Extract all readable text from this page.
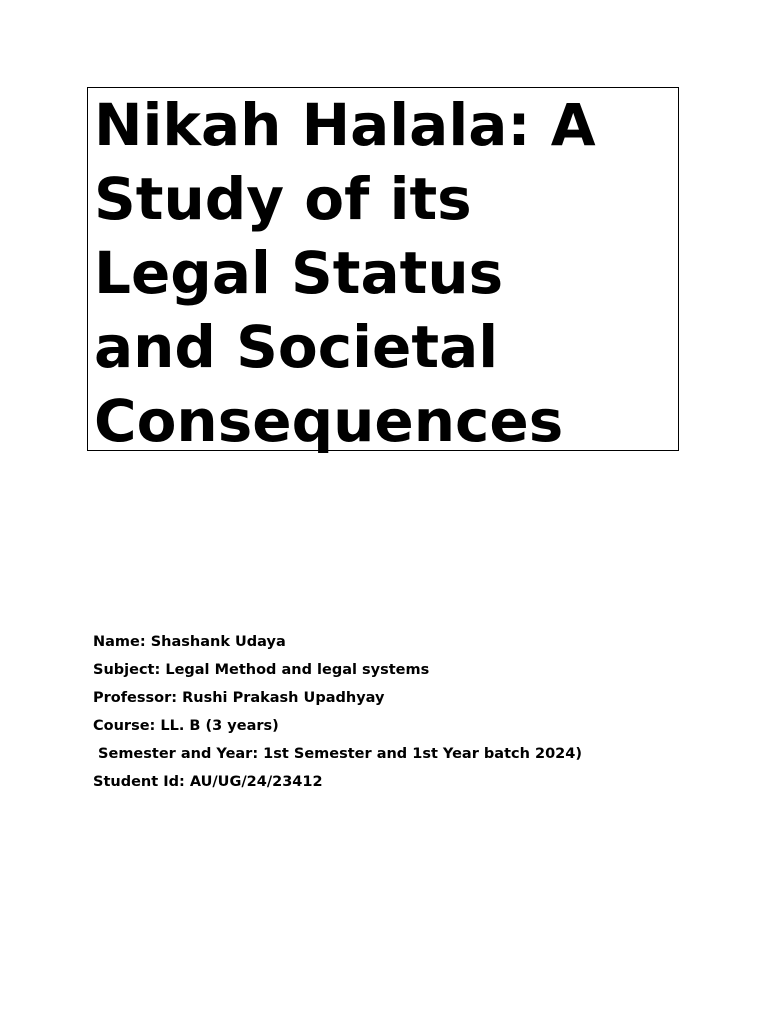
Nikah Halala: A
Study of its
Legal Status
and Societal
Consequences
Name: Shashank Udaya
Subject: Legal Method and legal systems
Professor: Rushi Prakash Upadhyay
Course: LL. B (3 years)
Semester and Year: 1st Semester and 1st Year batch 2024)
Student Id: AU/UG/24/23412
